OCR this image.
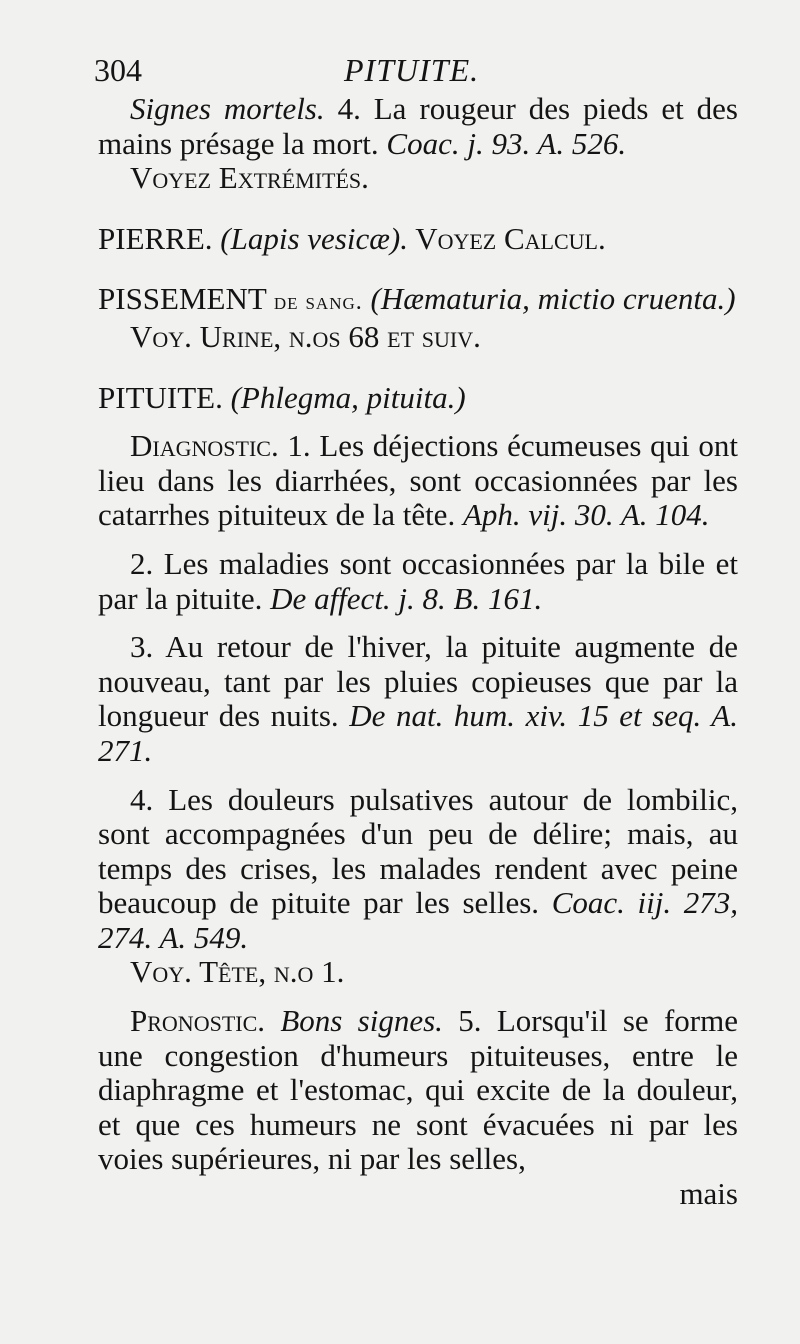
304	PITUITE.

Signes mortels. 4. La rougeur des pieds et des mains présage la mort. Coac. j. 93. A. 526.

Voyez Extrémités.

PIERRE. (Lapis vesicæ). Voyez Calcul.

PISSEMENT de sang. (Hæmaturia, mictio cruenta.)

Voy. Urine, n.os 68 et suiv.

PITUITE. (Phlegma, pituita.)

Diagnostic. 1. Les déjections écumeuses qui ont lieu dans les diarrhées, sont occasionnées par les catarrhes pituiteux de la tête. Aph. vij. 30. A. 104.

2. Les maladies sont occasionnées par la bile et par la pituite. De affect. j. 8. B. 161.

3. Au retour de l'hiver, la pituite augmente de nouveau, tant par les pluies copieuses que par la longueur des nuits. De nat. hum. xiv. 15 et seq. A. 271.

4. Les douleurs pulsatives autour de lombilic, sont accompagnées d'un peu de délire; mais, au temps des crises, les malades rendent avec peine beaucoup de pituite par les selles. Coac. iij. 273, 274. A. 549.

Voy. Tête, n.o 1.

Pronostic. Bons signes. 5. Lorsqu'il se forme une congestion d'humeurs pituiteuses, entre le diaphragme et l'estomac, qui excite de la douleur, et que ces humeurs ne sont évacuées ni par les voies supérieures, ni par les selles,

mais
